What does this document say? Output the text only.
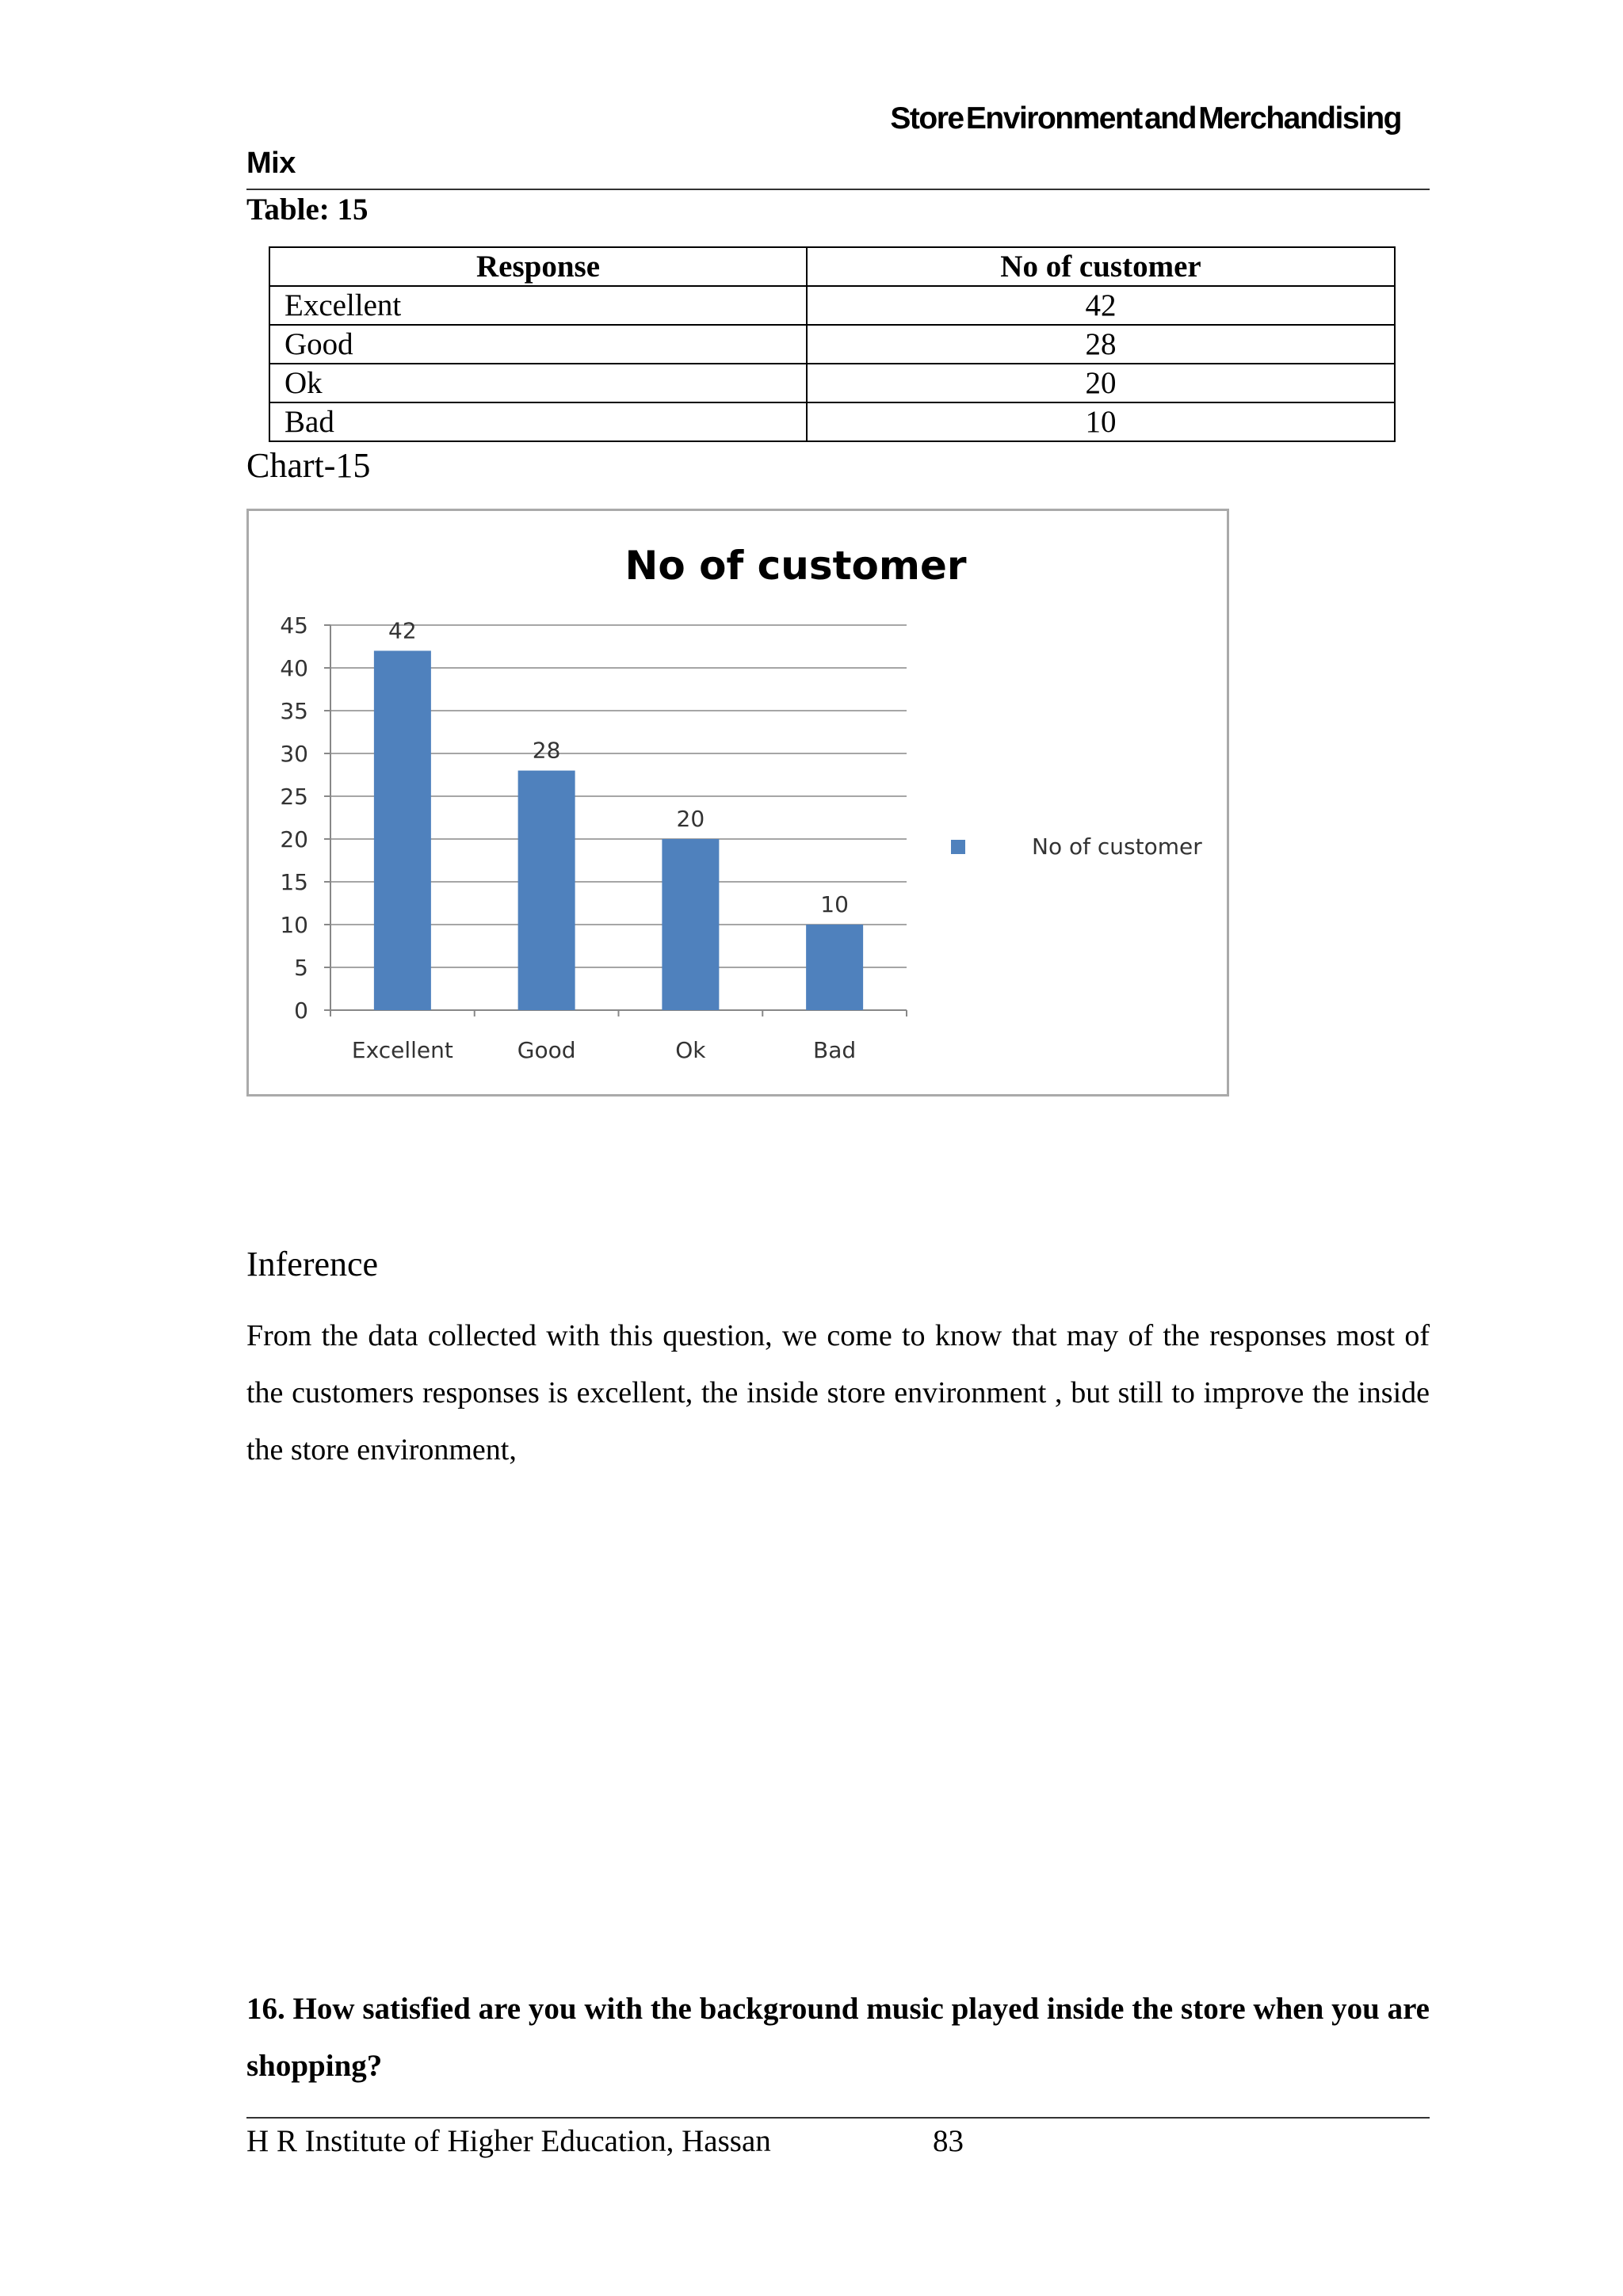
Store Environment and Merchandising
Mix
Table: 15
Response	No of customer
Excellent	42
Good	28
Ok	20
Bad	10
Chart-15
No of customer
0
5
10
15
20
25
30
35
40
45	42
Excellent
28
Good
20
Ok
10
Bad
No of customer
Inference
From the data collected with this question, we come to know that may of the responses most of the customers responses is excellent, the inside store environment , but still to improve the inside the store environment,
16. How satisfied are you with the background music played inside the store when you are shopping?
H R Institute of Higher Education, Hassan	83
